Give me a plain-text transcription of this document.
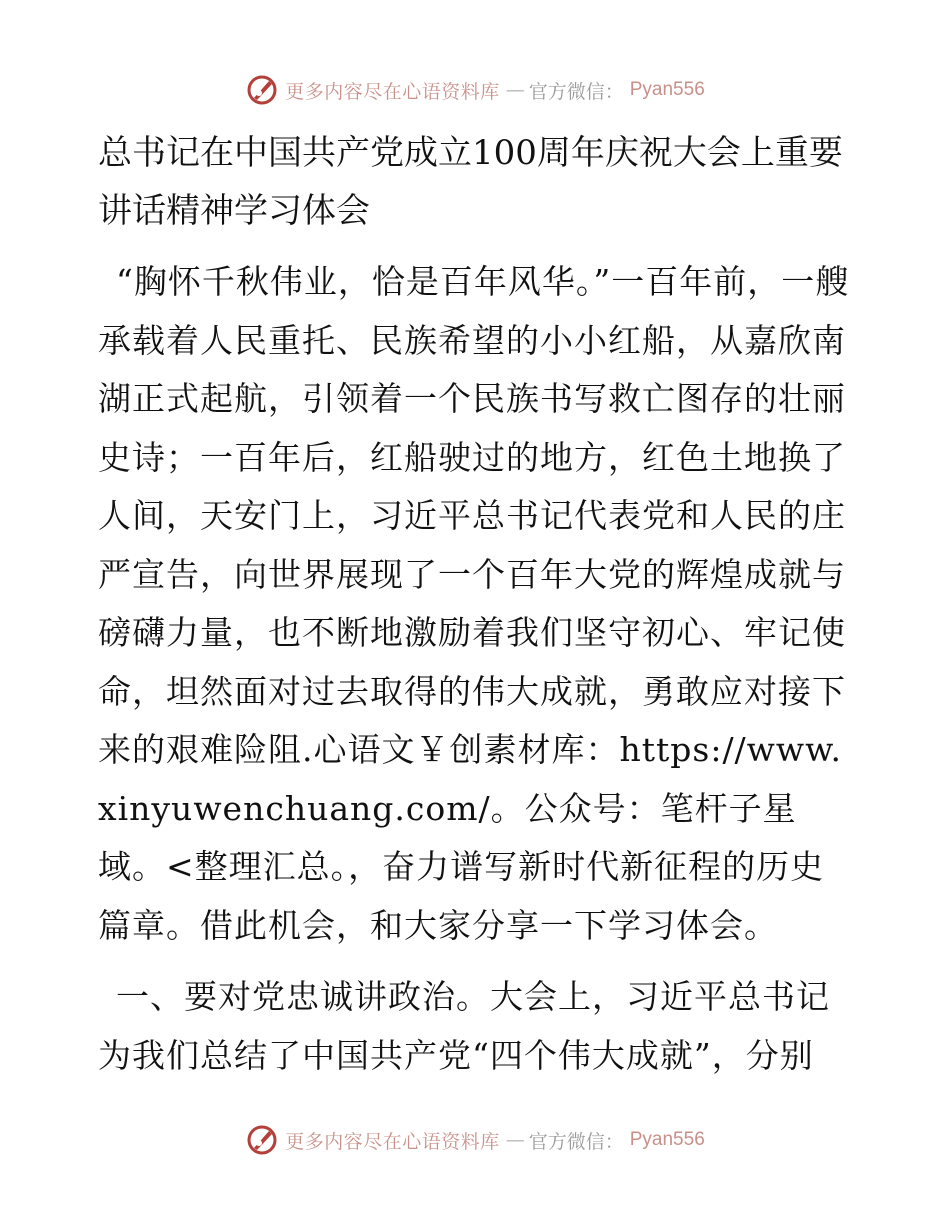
更多内容尽在心语资料库 — 官方微信： Pyan556
总书记在中国共产党成立100周年庆祝大会上重要讲话精神学习体会

“胸怀千秋伟业，恰是百年风华。”一百年前，一艘承载着人民重托、民族希望的小小红船，从嘉欣南湖正式起航，引领着一个民族书写救亡图存的壮丽史诗；一百年后，红船驶过的地方，红色土地换了人间，天安门上，习近平总书记代表党和人民的庄严宣告，向世界展现了一个百年大党的辉煌成就与磅礴力量，也不断地激励着我们坚守初心、牢记使命，坦然面对过去取得的伟大成就，勇敢应对接下来的艰难险阻.心语文￥创素材库：https://www.xinyuwenchuang.com/。公众号：笔杆子星域。<整理汇总。，奋力谱写新时代新征程的历史篇章。借此机会，和大家分享一下学习体会。

一、要对党忠诚讲政治。大会上，习近平总书记为我们总结了中国共产党“四个伟大成就”，分别

更多内容尽在心语资料库 — 官方微信： Pyan556
